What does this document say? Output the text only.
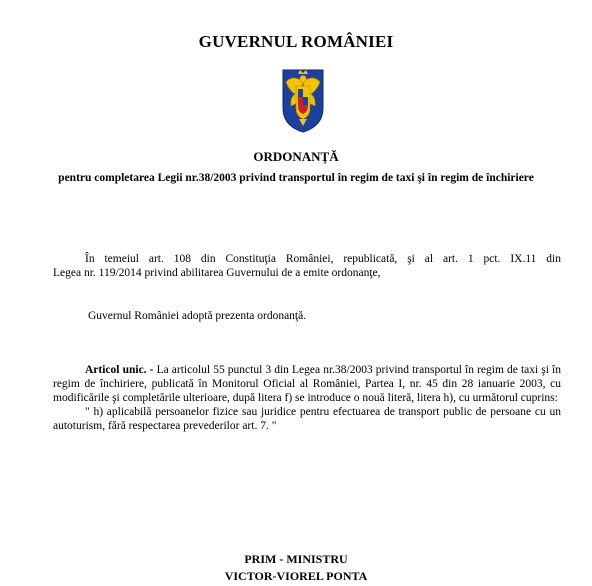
GUVERNUL ROMÂNIEI
ORDONANŢĂ
pentru completarea Legii nr.38/2003 privind transportul în regim de taxi şi în regim de închiriere
În temeiul art. 108 din Constituţia României, republicată, şi al art. 1 pct. IX.11 din
Legea nr. 119/2014 privind abilitarea Guvernului de a emite ordonanţe,
Guvernul României adoptă prezenta ordonanţă.
Articol unic. - La articolul 55 punctul 3 din Legea nr.38/2003 privind transportul în regim de taxi şi în regim de închiriere, publicată în Monitorul Oficial al României, Partea I, nr. 45 din 28 ianuarie 2003, cu modificările şi completările ulterioare, după litera f) se introduce o nouă literă, litera h), cu următorul cuprins:
" h) aplicabilă persoanelor fizice sau juridice pentru efectuarea de transport public de persoane cu un autoturism, fără respectarea prevederilor art. 7. "
PRIM - MINISTRU
VICTOR-VIOREL PONTA
